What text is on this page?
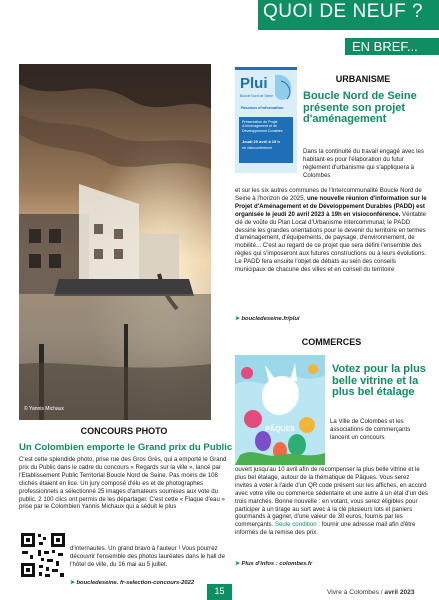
QUOI DE NEUF ?
EN BREF...
© Yannis Michaux
CONCOURS PHOTO
Un Colombien emporte le Grand prix du Public

C'est cette splendide photo, prise rue des Gros Grès, qui a emporté le Grand prix du Public dans le cadre du concours « Regards sur la ville », lancé par l'Etablissement Public Territorial Boucle Nord de Seine. Pas moins de 108 clichés étaient en lice. Un jury composé d'élu·es et de photographes professionnels a sélectionné 25 images d'amateurs soumises aux vote du public. 2 100 clics ont permis de les départager. C'est cette « Flaque d'eau » prise par le Colombien Yannis Michaux qui a séduit le plus

d'internautes. Un grand bravo à l'auteur ! Vous pourrez découvrir l'ensemble des photos lauréates dans le hall de l'hôtel de ville, du 16 mai au 5 juillet.
➤ boucledeseine. fr-selection-concours-2022
Plui
Boucle Nord de Seine
Réunion d'information
Présentation du Projet d'Aménagement et de Développement Durables
Jeudi 20 avril à 19 h
en visioconférence
URBANISME
Boucle Nord de Seine présente son projet d'aménagement
Dans la continuité du travail engagé avec les habitant·es pour l'élaboration du futur règlement d'urbanisme qui s'appliquera à Colombes
et sur les six autres communes de l'intercommunalité Boucle Nord de Seine à l'horizon de 2025, une nouvelle réunion d'information sur le Projet d'Aménagement et de Développement Durables (PADD) est organisée le jeudi 20 avril 2023 à 19h en visioconférence. Véritable clé de voûte du Plan Local d'Urbanisme intercommunal, le PADD dessine les grandes orientations pour le devenir du territoire en termes d'aménagement, d'équipements, de paysage, d'environnement, de mobilité... C'est au regard de ce projet que sera défini l'ensemble des règles qui s'imposeront aux futures constructions ou à leurs évolutions. Le PADD fera ensuite l'objet de débats au sein des conseils municipaux de chacune des villes et en conseil du territoire
➤ boucledeseine.fr/plui
COMMERCES
PÂQUES
Votez pour la plus belle vitrine et la plus bel étalage
La Ville de Colombes et les associations de commerçants lancent un concours
ouvert jusqu'au 10 avril afin de récompenser la plus belle vitrine et le plus bel étalage, autour de la thématique de Pâques. Vous serez invités à voter à l'aide d'un QR code présent sur les affiches, en accord avec votre ville ou commerce sédentaire et une autre à un étal d'un des trois marchés. Bonne nouvelle : en votant, vous serez éligibles pour participer à un tirage au sort avec à la clé plusieurs lots et paniers gourmands à gagner, d'une valeur de 30 euros, fournis par les commerçants. Seule condition : fournir une adresse mail afin d'être informés de la remise des prix.
➤ Plus d'infos : colombes.fr
15	Vivre à Colombes / avril 2023
